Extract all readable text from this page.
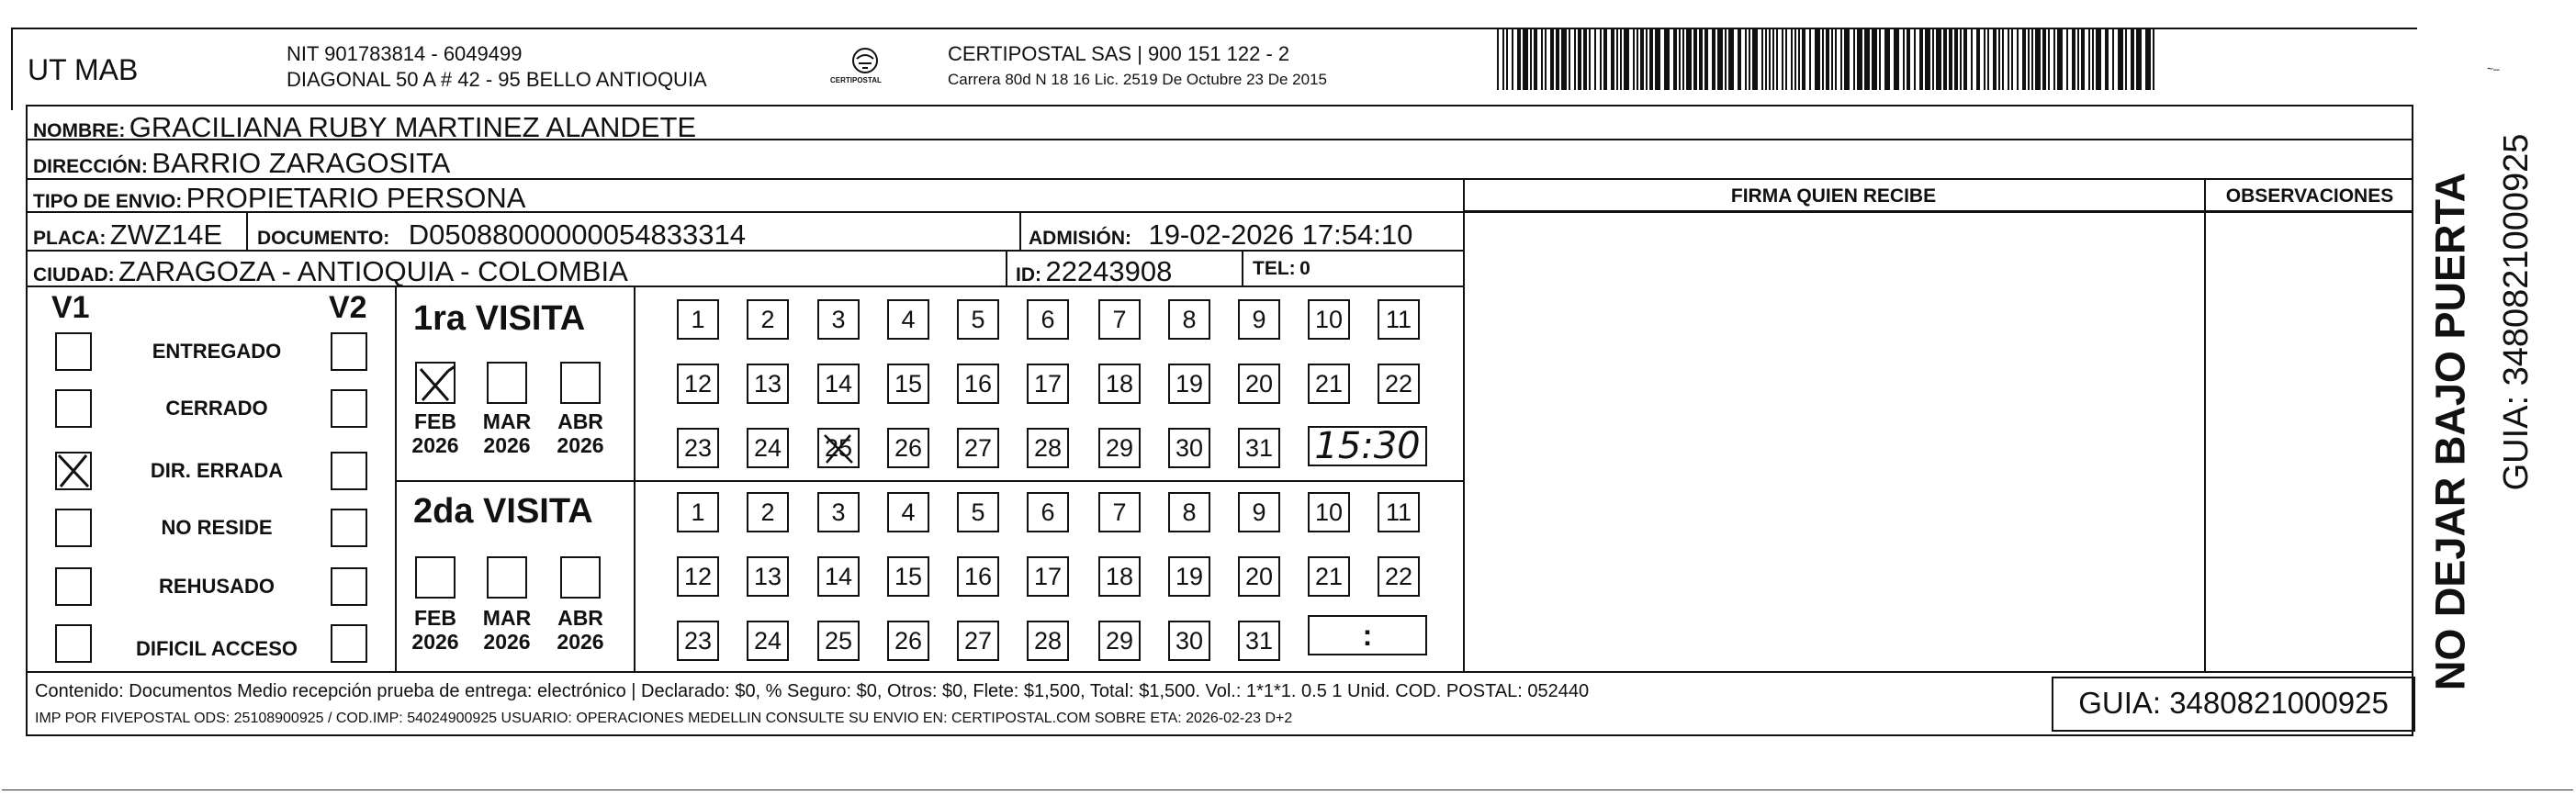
UT MAB	NIT 901783814 - 6049499
DIAGONAL 50 A # 42 - 95 BELLO ANTIOQUIA	CERTIPOSTAL
CERTIPOSTAL SAS | 900 151 122 - 2
Carrera 80d N 18 16 Lic. 2519 De Octubre 23 De 2015
NOMBRE: GRACILIANA RUBY MARTINEZ ALANDETE
DIRECCIÓN: BARRIO ZARAGOSITA
TIPO DE ENVIO: PROPIETARIO PERSONA
PLACA: ZWZ14E DOCUMENTO: D05088000000054833314	ADMISIÓN: 19-02-2026 17:54:10
CIUDAD: ZARAGOZA - ANTIOQUIA - COLOMBIA	ID: 22243908	TEL: 0
FIRMA QUIEN RECIBE	OBSERVACIONES
V1	V2
ENTREGADO
CERRADO
DIR. ERRADA
NO RESIDE
REHUSADO
DIFICIL ACCESO
1ra VISITA
2da VISITA
FEB
2026
MAR
2026
ABR
2026
FEB
2026
MAR
2026
ABR
2026
1	2	3	4	5	6	7	8	9	10	11
12 13 14 15 16 17 18 19 20 21 22
23 24 25 26 27 28 29 30 31
1	2	3	4	5	6	7	8	9	10	11
12 13 14 15 16 17 18 19 20 21 22
23 24 25 26 27 28 29 30 31
15:30
:
Contenido: Documentos Medio recepción prueba de entrega: electrónico | Declarado: $0, % Seguro: $0, Otros: $0, Flete: $1,500, Total: $1,500. Vol.: 1*1*1. 0.5 1 Unid. COD. POSTAL: 052440
IMP POR FIVEPOSTAL ODS: 25108900925 / COD.IMP: 54024900925 USUARIO: OPERACIONES MEDELLIN CONSULTE SU ENVIO EN: CERTIPOSTAL.COM SOBRE ETA: 2026-02-23 D+2	GUIA: 3480821000925
NO DEJAR BAJO PUERTA GUIA: 3480821000925
~–
